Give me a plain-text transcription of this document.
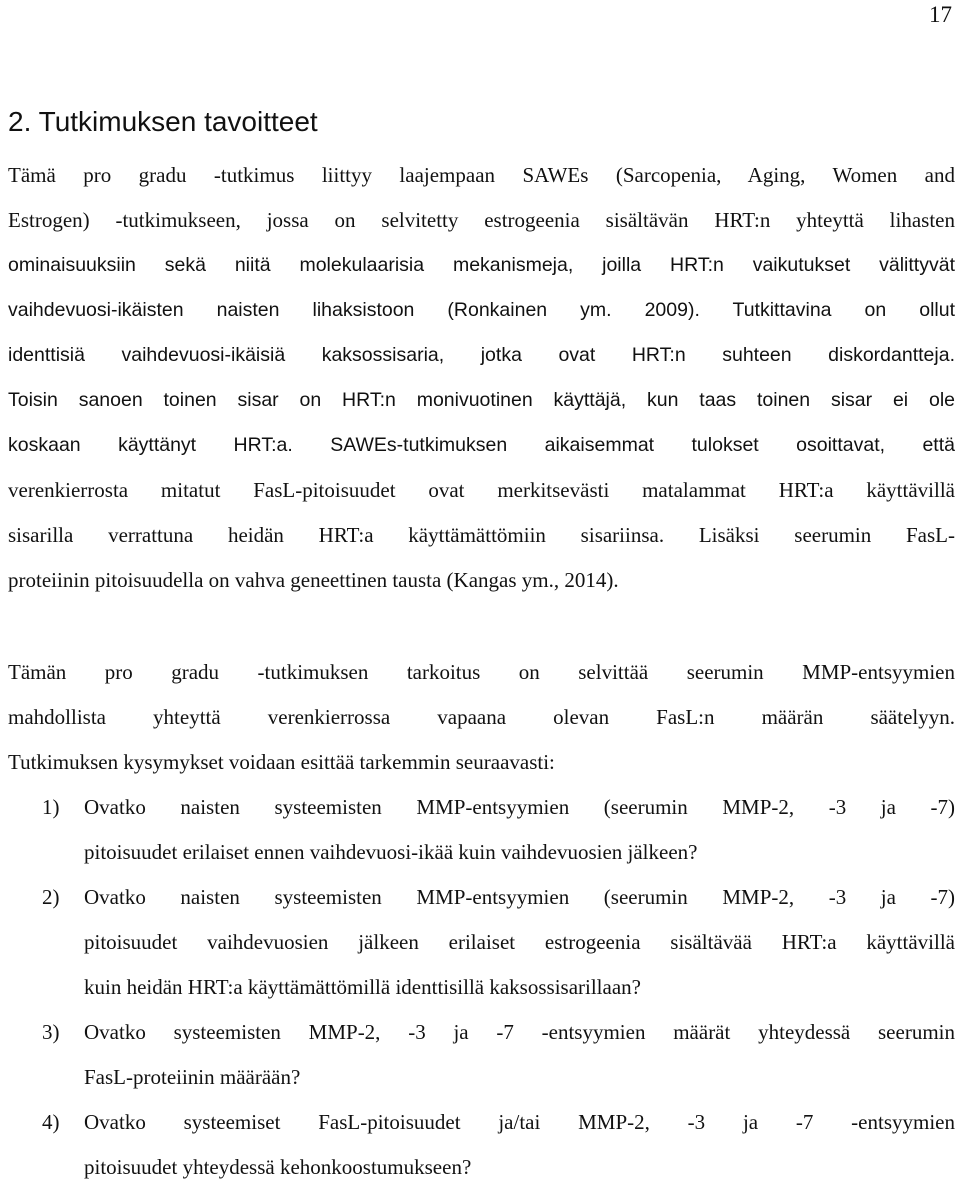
17
2. Tutkimuksen tavoitteet
Tämä pro gradu -tutkimus liittyy laajempaan SAWEs (Sarcopenia, Aging, Women and
Estrogen) -tutkimukseen, jossa on selvitetty estrogeenia sisältävän HRT:n yhteyttä lihasten
ominaisuuksiin sekä niitä molekulaarisia mekanismeja, joilla HRT:n vaikutukset välittyvät
vaihdevuosi-ikäisten naisten lihaksistoon (Ronkainen ym. 2009). Tutkittavina on ollut
identtisiä vaihdevuosi-ikäisiä kaksossisaria, jotka ovat HRT:n suhteen diskordantteja.
Toisin sanoen toinen sisar on HRT:n monivuotinen käyttäjä, kun taas toinen sisar ei ole
koskaan käyttänyt HRT:a. SAWEs-tutkimuksen aikaisemmat tulokset osoittavat, että
verenkierrosta mitatut FasL-pitoisuudet ovat merkitsevästi matalammat HRT:a käyttävillä
sisarilla verrattuna heidän HRT:a käyttämättömiin sisariinsa. Lisäksi seerumin FasL-
proteiinin pitoisuudella on vahva geneettinen tausta (Kangas ym., 2014).
Tämän pro gradu -tutkimuksen tarkoitus on selvittää seerumin MMP-entsyymien
mahdollista yhteyttä verenkierrossa vapaana olevan FasL:n määrän säätelyyn.
Tutkimuksen kysymykset voidaan esittää tarkemmin seuraavasti:
1) Ovatko naisten systeemisten MMP-entsyymien (seerumin MMP-2, -3 ja -7)
pitoisuudet erilaiset ennen vaihdevuosi-ikää kuin vaihdevuosien jälkeen?
2) Ovatko naisten systeemisten MMP-entsyymien (seerumin MMP-2, -3 ja -7)
pitoisuudet vaihdevuosien jälkeen erilaiset estrogeenia sisältävää HRT:a käyttävillä
kuin heidän HRT:a käyttämättömillä identtisillä kaksossisarillaan?
3) Ovatko systeemisten MMP-2, -3 ja -7 -entsyymien määrät yhteydessä seerumin
FasL-proteiinin määrään?
4) Ovatko systeemiset FasL-pitoisuudet ja/tai MMP-2, -3 ja -7 -entsyymien
pitoisuudet yhteydessä kehonkoostumukseen?
